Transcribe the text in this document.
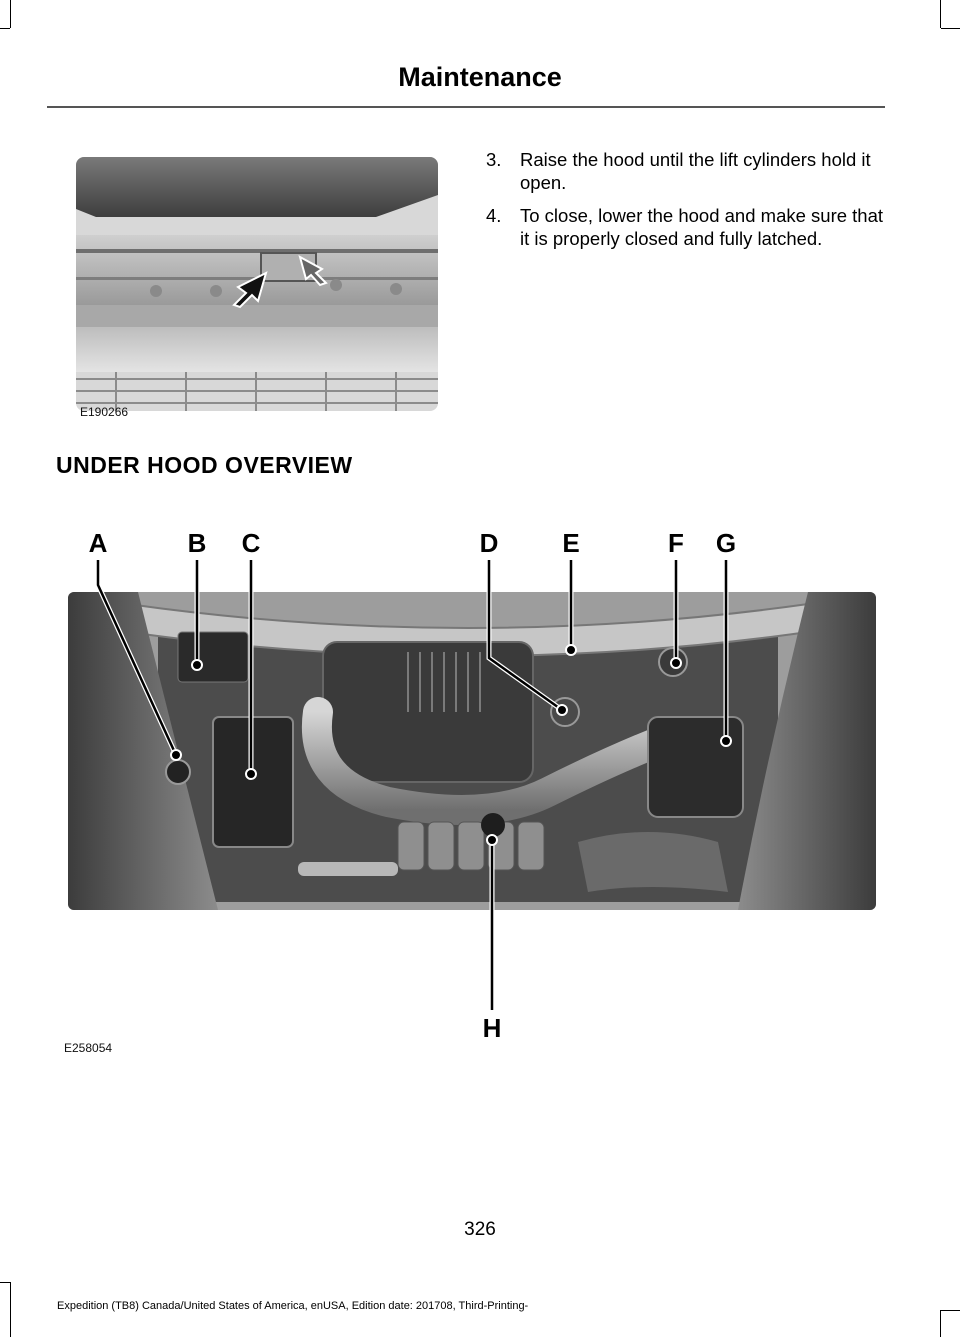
Maintenance
E190266
3.	Raise the hood until the lift cylinders hold it open.
4.	To close, lower the hood and make sure that it is properly closed and fully latched.
UNDER HOOD OVERVIEW
A	B C	D E	F G
H
E258054
326
Expedition (TB8) Canada/United States of America, enUSA, Edition date: 201708, Third-Printing-
